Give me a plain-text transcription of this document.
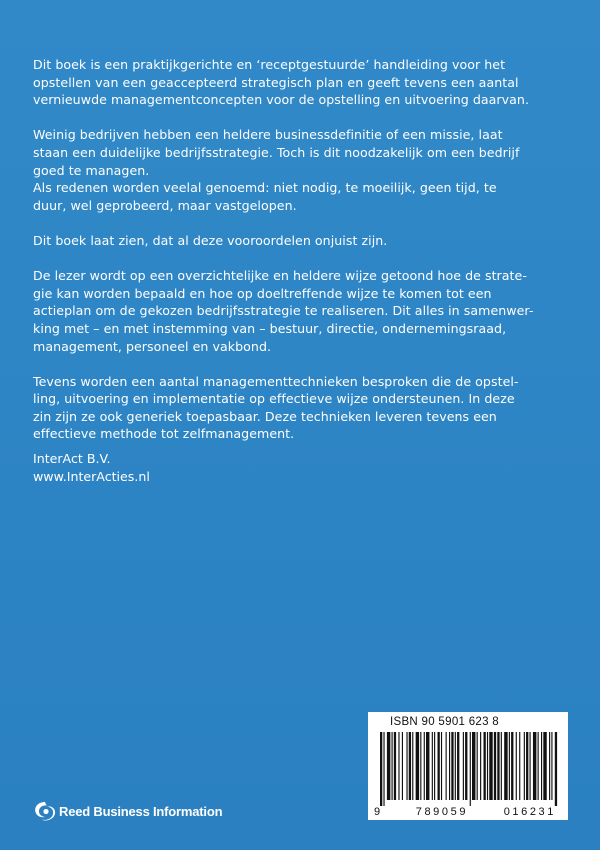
Dit boek is een praktijkgerichte en ‘receptgestuurde’ handleiding voor het
opstellen van een geaccepteerd strategisch plan en geeft tevens een aantal
vernieuwde managementconcepten voor de opstelling en uitvoering daarvan.

Weinig bedrijven hebben een heldere businessdefinitie of een missie, laat
staan een duidelijke bedrijfsstrategie. Toch is dit noodzakelijk om een bedrijf
goed te managen.

Als redenen worden veelal genoemd: niet nodig, te moeilijk, geen tijd, te
duur, wel geprobeerd, maar vastgelopen.

Dit boek laat zien, dat al deze vooroordelen onjuist zijn.

De lezer wordt op een overzichtelijke en heldere wijze getoond hoe de strate-
gie kan worden bepaald en hoe op doeltreffende wijze te komen tot een
actieplan om de gekozen bedrijfsstrategie te realiseren. Dit alles in samenwer-
king met – en met instemming van – bestuur, directie, ondernemingsraad,
management, personeel en vakbond.

Tevens worden een aantal managementtechnieken besproken die de opstel-
ling, uitvoering en implementatie op effectieve wijze ondersteunen. In deze
zin zijn ze ook generiek toepasbaar. Deze technieken leveren tevens een
effectieve methode tot zelfmanagement.

InterAct B.V.
www.InterActies.nl
Reed Business Information
ISBN 90 5901 623 8
9	789059	016231
